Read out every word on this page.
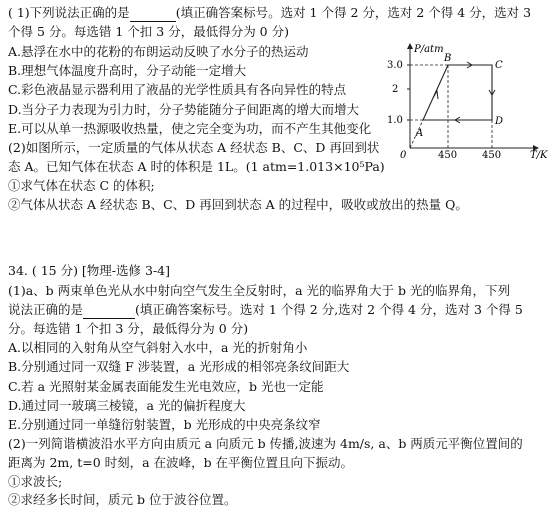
( 1)下列说法正确的是	(填正确答案标号。选对 1 个得 2 分，选对 2 个得 4 分，选对 3
个得 5 分。每选错 1 个扣 3 分，最低得分为 0 分)
A.悬浮在水中的花粉的布朗运动反映了水分子的热运动
B.理想气体温度升高时，分子动能一定增大
C.彩色液晶显示器利用了液晶的光学性质具有各向异性的特点
D.当分子力表现为引力时，分子势能随分子间距离的增大而增大
E.可以从单一热源吸收热量，使之完全变为功，而不产生其他变化
(2)如图所示，一定质量的气体从状态 A 经状态 B、C、D 再回到状
态 A。已知气体在状态 A 时的体积是 1L。(1 atm=1.013×10⁵Pa)
①求气体在状态 C 的体积;
②气体从状态 A 经状态 B、C、D 再回到状态 A 的过程中，吸收或放出的热量 Q。
P/atm
T/K
0
3.0
2
1.0
A
B
C
D
450 450
34. ( 15 分) [物理-选修 3-4]
(1)a、b 两束单色光从水中射向空气发生全反射时，a 光的临界角大于 b 光的临界角，下列
说法正确的是	(填正确答案标号。选对 1 个得 2 分,选对 2 个得 4 分，选对 3 个得 5
分。每选错 1 个扣 3 分，最低得分为 0 分)
A.以相同的入射角从空气斜射入水中，a 光的折射角小
B.分别通过同一双缝 F 涉装置，a 光形成的相邻亮条纹间距大
C.若 a 光照射某金属表面能发生光电效应，b 光也一定能
D.通过同一玻璃三棱镜，a 光的偏折程度大
E.分别通过同一单缝衍射装置，b 光形成的中央亮条纹窄
(2)一列简谐横波沿水平方向由质元 a 向质元 b 传播,波速为 4m/s, a、b 两质元平衡位置间的
距离为 2m, t=0 时刻，a 在波峰，b 在平衡位置且向下振动。
①求波长;
②求经多长时间，质元 b 位于波谷位置。
